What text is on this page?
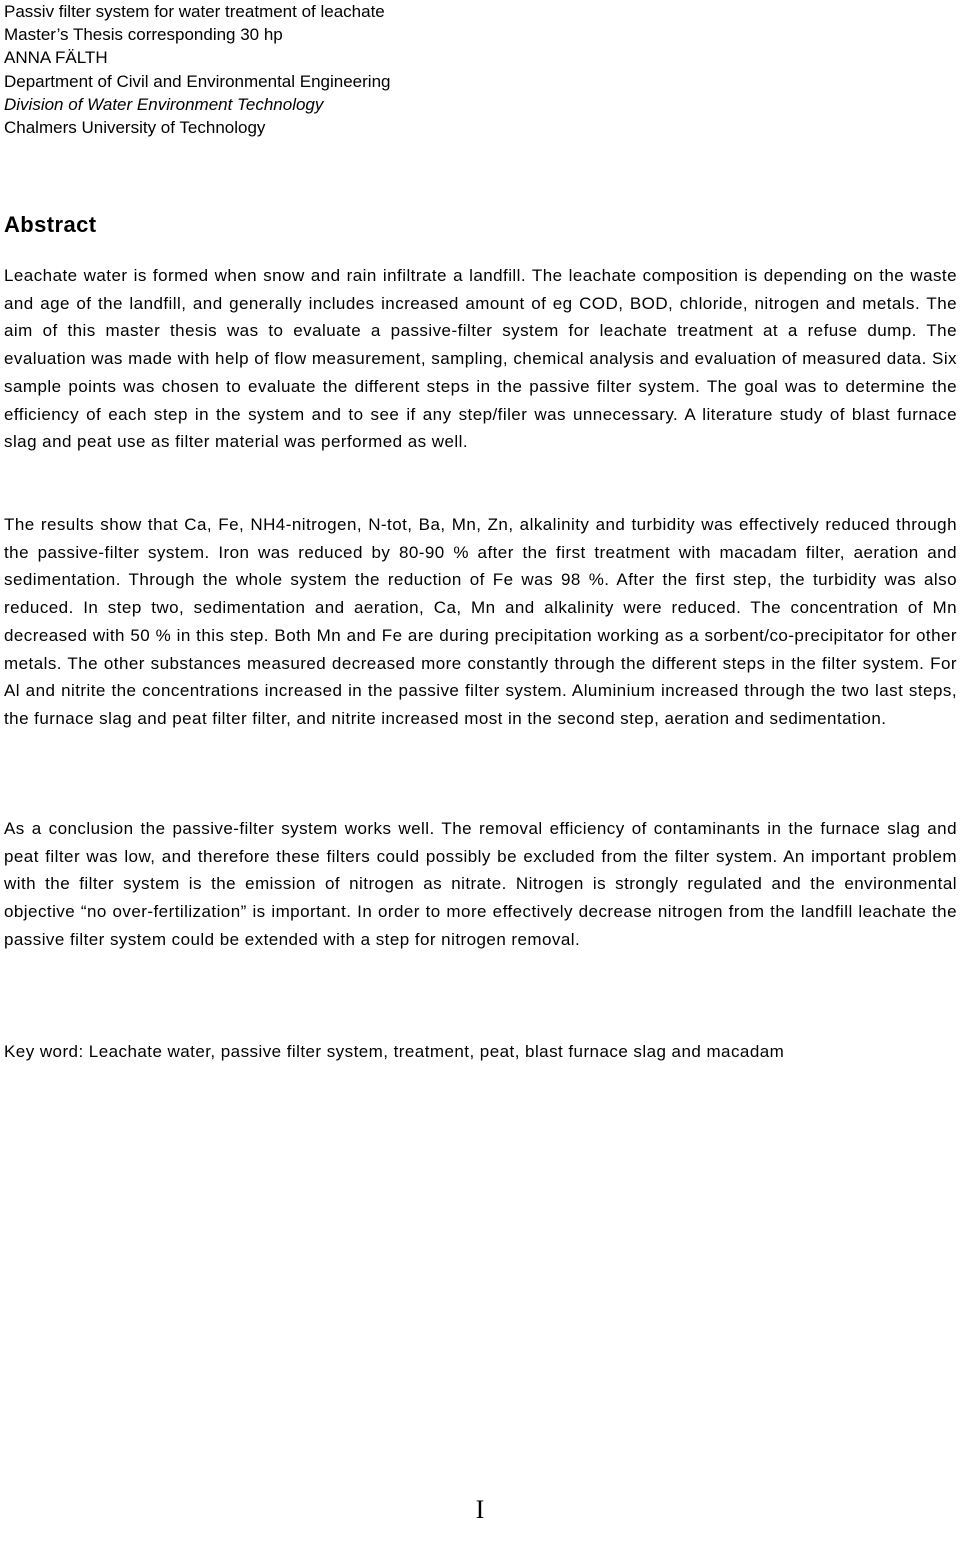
Passiv filter system for water treatment of leachate
Master’s Thesis corresponding 30 hp
ANNA FÄLTH
Department of Civil and Environmental Engineering
Division of Water Environment Technology
Chalmers University of Technology
Abstract

Leachate water is formed when snow and rain infiltrate a landfill. The leachate composition is depending on the waste and age of the landfill, and generally includes increased amount of eg COD, BOD, chloride, nitrogen and metals. The aim of this master thesis was to evaluate a passive-filter system for leachate treatment at a refuse dump. The evaluation was made with help of flow measurement, sampling, chemical analysis and evaluation of measured data. Six sample points was chosen to evaluate the different steps in the passive filter system. The goal was to determine the efficiency of each step in the system and to see if any step/filer was unnecessary. A literature study of blast furnace slag and peat use as filter material was performed as well.

The results show that Ca, Fe, NH4-nitrogen, N-tot, Ba, Mn, Zn, alkalinity and turbidity was effectively reduced through the passive-filter system. Iron was reduced by 80-90 % after the first treatment with macadam filter, aeration and sedimentation. Through the whole system the reduction of Fe was 98 %. After the first step, the turbidity was also reduced. In step two, sedimentation and aeration, Ca, Mn and alkalinity were reduced. The concentration of Mn decreased with 50 % in this step. Both Mn and Fe are during precipitation working as a sorbent/co-precipitator for other metals. The other substances measured decreased more constantly through the different steps in the filter system. For Al and nitrite the concentrations increased in the passive filter system. Aluminium increased through the two last steps, the furnace slag and peat filter filter, and nitrite increased most in the second step, aeration and sedimentation.

As a conclusion the passive-filter system works well. The removal efficiency of contaminants in the furnace slag and peat filter was low, and therefore these filters could possibly be excluded from the filter system. An important problem with the filter system is the emission of nitrogen as nitrate. Nitrogen is strongly regulated and the environmental objective “no over-fertilization” is important. In order to more effectively decrease nitrogen from the landfill leachate the passive filter system could be extended with a step for nitrogen removal.

Key word: Leachate water, passive filter system, treatment, peat, blast furnace slag and macadam

I
